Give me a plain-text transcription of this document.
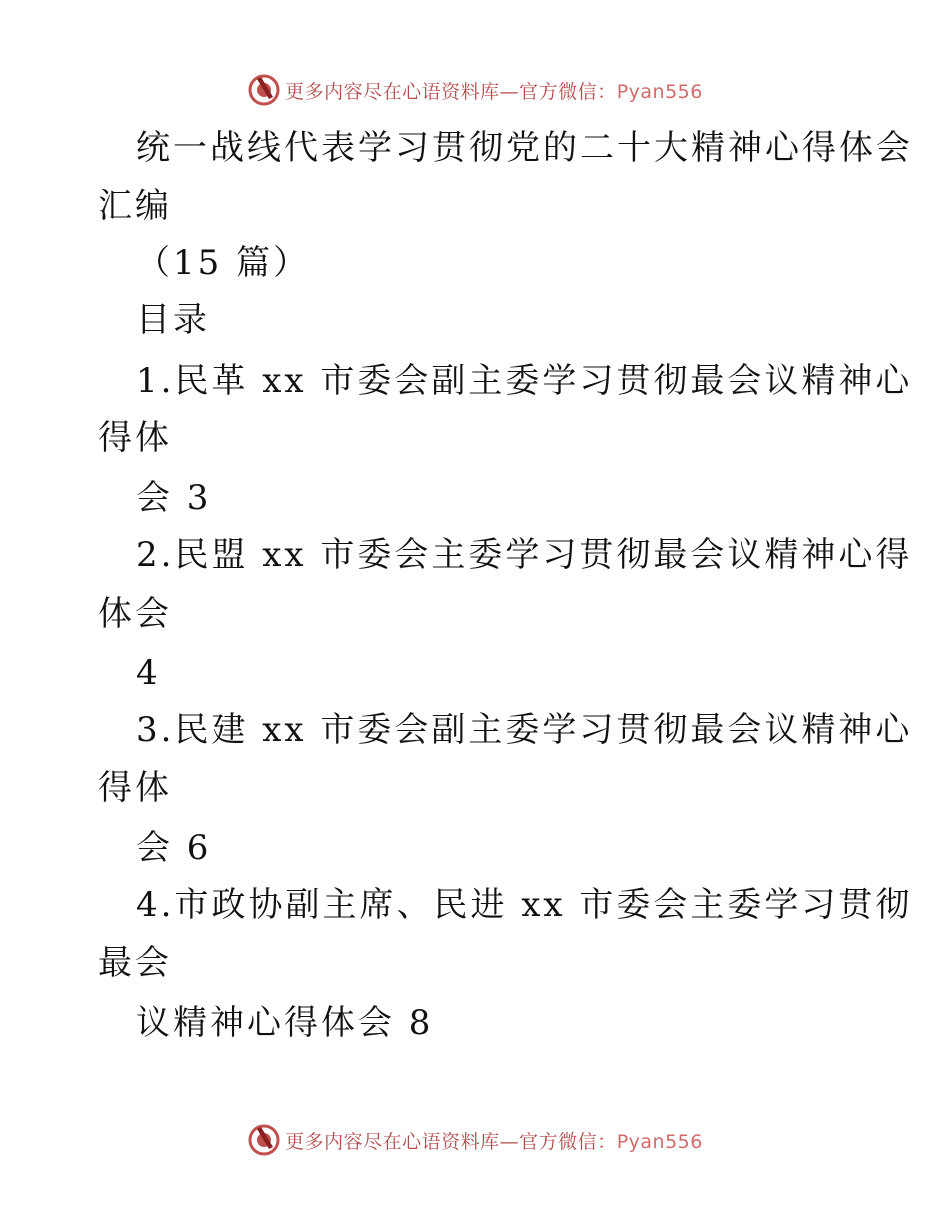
更多内容尽在心语资料库—官方微信：Pyan556
统一战线代表学习贯彻党的二十大精神心得体会
汇编
（15 篇）
目录
1.民革 xx 市委会副主委学习贯彻最会议精神心
得体
会 3
2.民盟 xx 市委会主委学习贯彻最会议精神心得
体会
4
3.民建 xx 市委会副主委学习贯彻最会议精神心
得体
会 6
4.市政协副主席、民进 xx 市委会主委学习贯彻
最会
议精神心得体会 8
更多内容尽在心语资料库—官方微信：Pyan556
